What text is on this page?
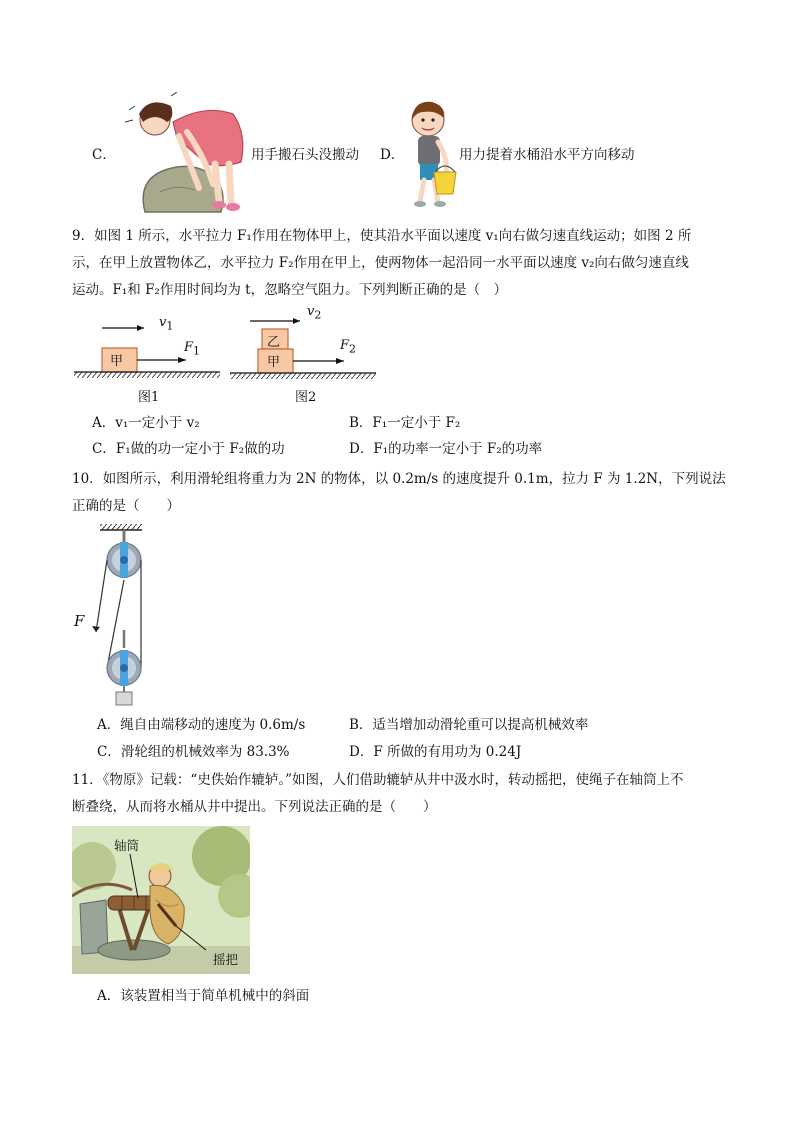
C．	用手搬石头没搬动 D．	用力提着水桶沿水平方向移动
9．如图 1 所示，水平拉力 F₁作用在物体甲上，使其沿水平面以速度 v₁向右做匀速直线运动；如图 2 所
示，在甲上放置物体乙，水平拉力 F₂作用在甲上，使两物体一起沿同一水平面以速度 v₂向右做匀速直线
运动。F₁和 F₂作用时间均为 t，忽略空气阻力。下列判断正确的是（　）
甲
$v_1$
$F_1$
图1
乙
甲
$v_2$
$F_2$
图2
A．v₁一定小于 v₂	B．F₁一定小于 F₂
C．F₁做的功一定小于 F₂做的功	D．F₁的功率一定小于 F₂的功率
10．如图所示，利用滑轮组将重力为 2N 的物体，以 0.2m/s 的速度提升 0.1m，拉力 F 为 1.2N，下列说法
正确的是（　　）
F
A．绳自由端移动的速度为 0.6m/s	B．适当增加动滑轮重可以提高机械效率
C．滑轮组的机械效率为 83.3%	D．F 所做的有用功为 0.24J
11．《物原》记载：“史佚始作辘轳。”如图，人们借助辘轳从井中汲水时，转动摇把，使绳子在轴筒上不
断叠绕，从而将水桶从井中提出。下列说法正确的是（　　）
轴筒
摇把
A．该装置相当于简单机械中的斜面
